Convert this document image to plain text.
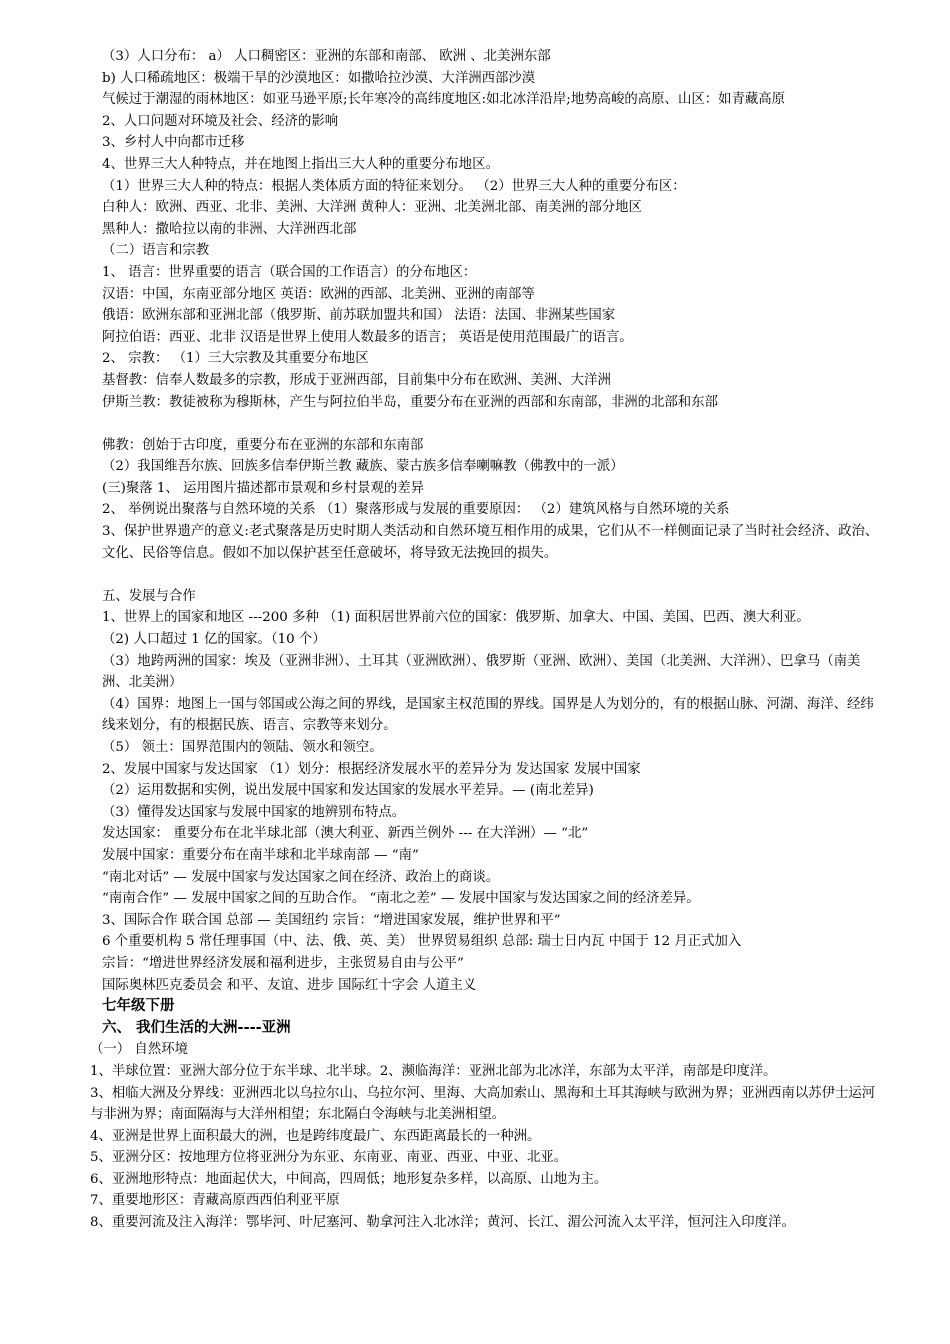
（3）人口分布： a） 人口稠密区：亚洲的东部和南部、 欧洲 、北美洲东部

b) 人口稀疏地区：极端干旱的沙漠地区：如撒哈拉沙漠、大洋洲西部沙漠

气候过于潮湿的雨林地区：如亚马逊平原;长年寒冷的高纬度地区:如北冰洋沿岸;地势高峻的高原、山区：如青藏高原

2、人口问题对环境及社会、经济的影响

3、乡村人中向都市迁移

4、世界三大人种特点，并在地图上指出三大人种的重要分布地区。

（1）世界三大人种的特点：根据人类体质方面的特征来划分。 （2）世界三大人种的重要分布区：

白种人：欧洲、西亚、北非、美洲、大洋洲 黄种人：亚洲、北美洲北部、南美洲的部分地区

黑种人：撒哈拉以南的非洲、大洋洲西北部

（二）语言和宗教

1、 语言：世界重要的语言（联合国的工作语言）的分布地区：

汉语：中国，东南亚部分地区 英语：欧洲的西部、北美洲、亚洲的南部等

俄语：欧洲东部和亚洲北部（俄罗斯、前苏联加盟共和国） 法语：法国、非洲某些国家

阿拉伯语：西亚、北非 汉语是世界上使用人数最多的语言； 英语是使用范围最广的语言。

2、 宗教： （1）三大宗教及其重要分布地区

基督教：信奉人数最多的宗教，形成于亚洲西部，目前集中分布在欧洲、美洲、大洋洲

伊斯兰教：教徒被称为穆斯林，产生与阿拉伯半岛，重要分布在亚洲的西部和东南部，非洲的北部和东部

佛教：创始于古印度，重要分布在亚洲的东部和东南部

（2）我国维吾尔族、回族多信奉伊斯兰教 藏族、蒙古族多信奉喇嘛教（佛教中的一派）

(三)聚落 1、 运用图片描述都市景观和乡村景观的差异

2、 举例说出聚落与自然环境的关系 （1）聚落形成与发展的重要原因： （2）建筑风格与自然环境的关系

3、保护世界遗产的意义:老式聚落是历史时期人类活动和自然环境互相作用的成果，它们从不一样侧面记录了当时社会经济、政治、文化、民俗等信息。假如不加以保护甚至任意破坏，将导致无法挽回的损失。

五、发展与合作

1、世界上的国家和地区 ---200 多种 （1) 面积居世界前六位的国家：俄罗斯、加拿大、中国、美国、巴西、澳大利亚。

（2) 人口超过 1 亿的国家。（10 个）

（3）地跨两洲的国家：埃及（亚洲非洲）、土耳其（亚洲欧洲）、俄罗斯（亚洲、欧洲）、美国（北美洲、大洋洲）、巴拿马（南美洲、北美洲）

（4）国界：地图上一国与邻国或公海之间的界线，是国家主权范围的界线。国界是人为划分的，有的根据山脉、河湖、海洋、经纬线来划分，有的根据民族、语言、宗教等来划分。

（5） 领土：国界范围内的领陆、领水和领空。

2、发展中国家与发达国家 （1）划分：根据经济发展水平的差异分为 发达国家 发展中国家

（2）运用数据和实例，说出发展中国家和发达国家的发展水平差异。— (南北差异)

（3）懂得发达国家与发展中国家的地辨别布特点。

发达国家： 重要分布在北半球北部（澳大利亚、新西兰例外 --- 在大洋洲）— “北”

发展中国家：重要分布在南半球和北半球南部 — “南”

“南北对话” — 发展中国家与发达国家之间在经济、政治上的商谈。

“南南合作” — 发展中国家之间的互助合作。 “南北之差” — 发展中国家与发达国家之间的经济差异。

3、国际合作 联合国 总部 — 美国纽约 宗旨：“增进国家发展，维护世界和平”

6 个重要机构 5 常任理事国（中、法、俄、英、美） 世界贸易组织 总部: 瑞士日内瓦 中国于 12 月正式加入

宗旨：“增进世界经济发展和福利进步，主张贸易自由与公平”

国际奥林匹克委员会 和平、友谊、进步 国际红十字会 人道主义

七年级下册

六、 我们生活的大洲----亚洲

（一） 自然环境

1、半球位置：亚洲大部分位于东半球、北半球。2、濒临海洋：亚洲北部为北冰洋，东部为太平洋，南部是印度洋。

3、相临大洲及分界线：亚洲西北以乌拉尔山、乌拉尔河、里海、大高加索山、黑海和土耳其海峡与欧洲为界；亚洲西南以苏伊士运河与非洲为界；南面隔海与大洋州相望；东北隔白令海峡与北美洲相望。

4、亚洲是世界上面积最大的洲，也是跨纬度最广、东西距离最长的一种洲。

5、亚洲分区：按地理方位将亚洲分为东亚、东南亚、南亚、西亚、中亚、北亚。

6、亚洲地形特点：地面起伏大，中间高，四周低；地形复杂多样，以高原、山地为主。

7、重要地形区：青藏高原西西伯利亚平原

8、重要河流及注入海洋：鄂毕河、叶尼塞河、勒拿河注入北冰洋；黄河、长江、湄公河流入太平洋，恒河注入印度洋。
